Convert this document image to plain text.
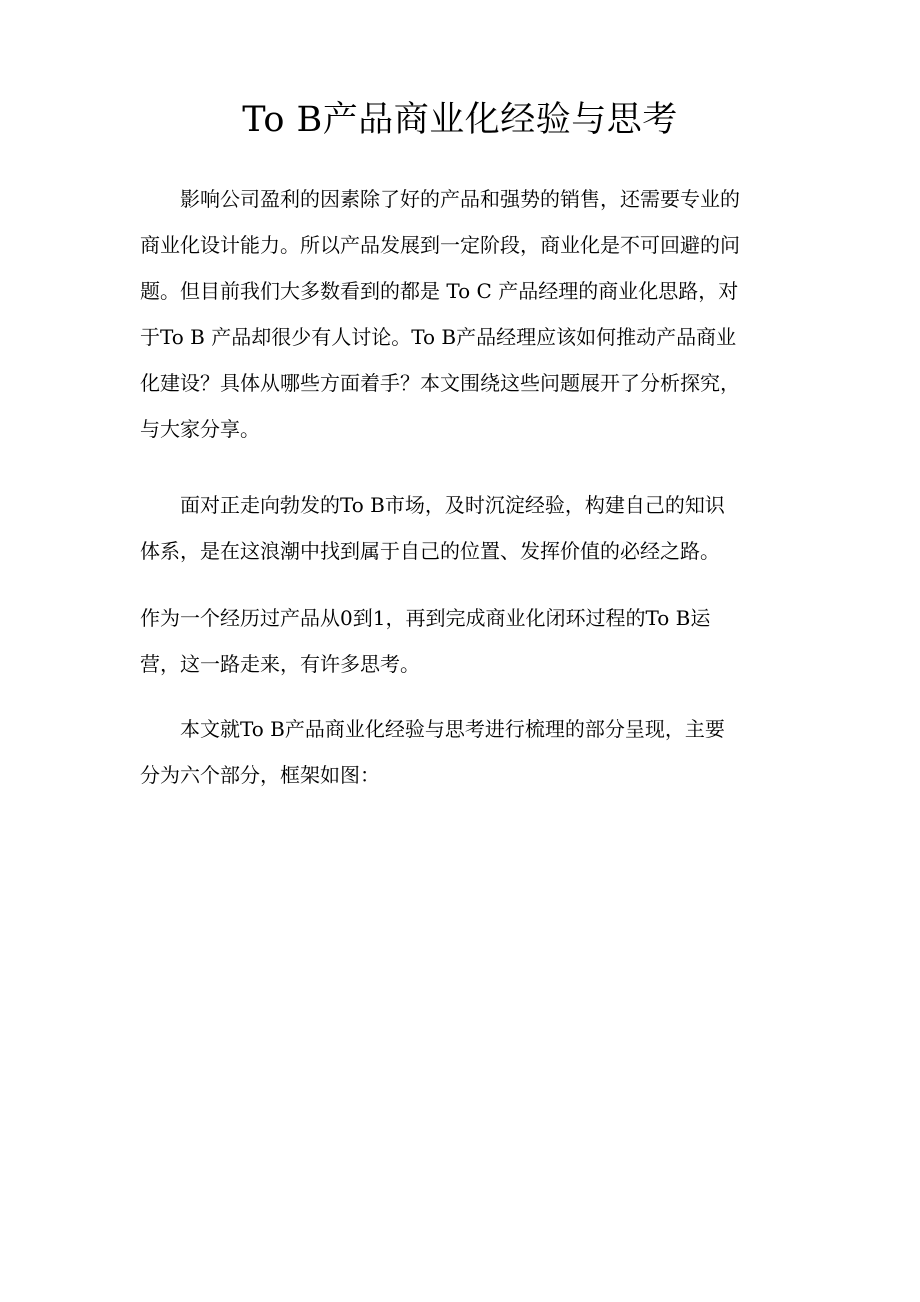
To B产品商业化经验与思考
影响公司盈利的因素除了好的产品和强势的销售，还需要专业的
商业化设计能力。所以产品发展到一定阶段，商业化是不可回避的问
题。但目前我们大多数看到的都是 To C 产品经理的商业化思路，对
于To B 产品却很少有人讨论。To B产品经理应该如何推动产品商业
化建设？具体从哪些方面着手？本文围绕这些问题展开了分析探究，
与大家分享。
面对正走向勃发的To B市场，及时沉淀经验，构建自己的知识
体系，是在这浪潮中找到属于自己的位置、发挥价值的必经之路。
作为一个经历过产品从0到1，再到完成商业化闭环过程的To B运
营，这一路走来，有许多思考。
本文就To B产品商业化经验与思考进行梳理的部分呈现，主要
分为六个部分，框架如图：
